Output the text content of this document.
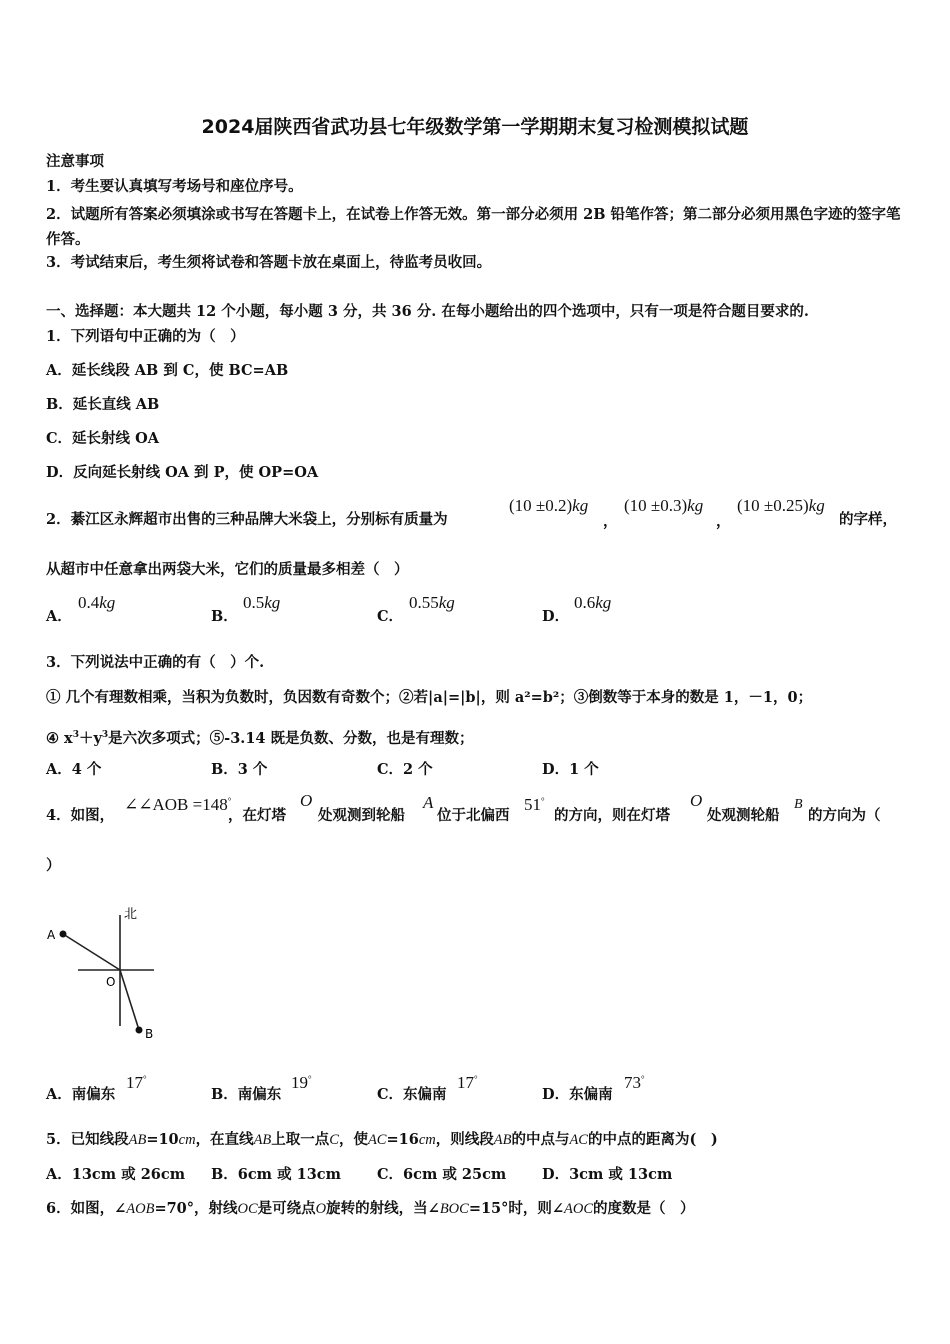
2024届陕西省武功县七年级数学第一学期期末复习检测模拟试题
注意事项
1．考生要认真填写考场号和座位序号。
2．试题所有答案必须填涂或书写在答题卡上，在试卷上作答无效。第一部分必须用 2B 铅笔作答；第二部分必须用黑色字迹的签字笔作答。
3．考试结束后，考生须将试卷和答题卡放在桌面上，待监考员收回。
一、选择题：本大题共 12 个小题，每小题 3 分，共 36 分. 在每小题给出的四个选项中，只有一项是符合题目要求的.
1．下列语句中正确的为（　）
A．延长线段 AB 到 C，使 BC=AB
B．延长直线 AB
C．延长射线 OA
D．反向延长射线 OA 到 P，使 OP=OA
2．綦江区永辉超市出售的三种品牌大米袋上，分别标有质量为
(10 ±0.2)kg
，
(10 ±0.3)kg
，
(10 ±0.25)kg
的字样，
从超市中任意拿出两袋大米，它们的质量最多相差（　）
A．
0.4kg
B．
0.5kg
C．
0.55kg
D．
0.6kg
3．下列说法中正确的有（　）个.
① 几个有理数相乘，当积为负数时，负因数有奇数个；②若|a|=|b|，则 a²=b²；③倒数等于本身的数是 1，－1，0；
④ $x^3+y^3$是六次多项式；⑤-3.14 既是负数、分数，也是有理数；
A．4 个	B．3 个	C．2 个	D．1 个
4．如图，
∠∠AOB =148°
，在灯塔
O
处观测到轮船
A
位于北偏西
51°
的方向，则在灯塔
O
处观测轮船
B
的方向为（
）
北
A
O
B
A．南偏东
17°
B．南偏东
19°
C．东偏南
17°
D．东偏南
73°
5．已知线段AB=10cm，在直线AB上取一点C，使AC=16cm，则线段AB的中点与AC的中点的距离为(　)
A．13cm 或 26cm B．6cm 或 13cm C．6cm 或 25cm D．3cm 或 13cm
6．如图，∠AOB=70°，射线OC是可绕点O旋转的射线，当∠BOC=15°时，则∠AOC的度数是（　）
